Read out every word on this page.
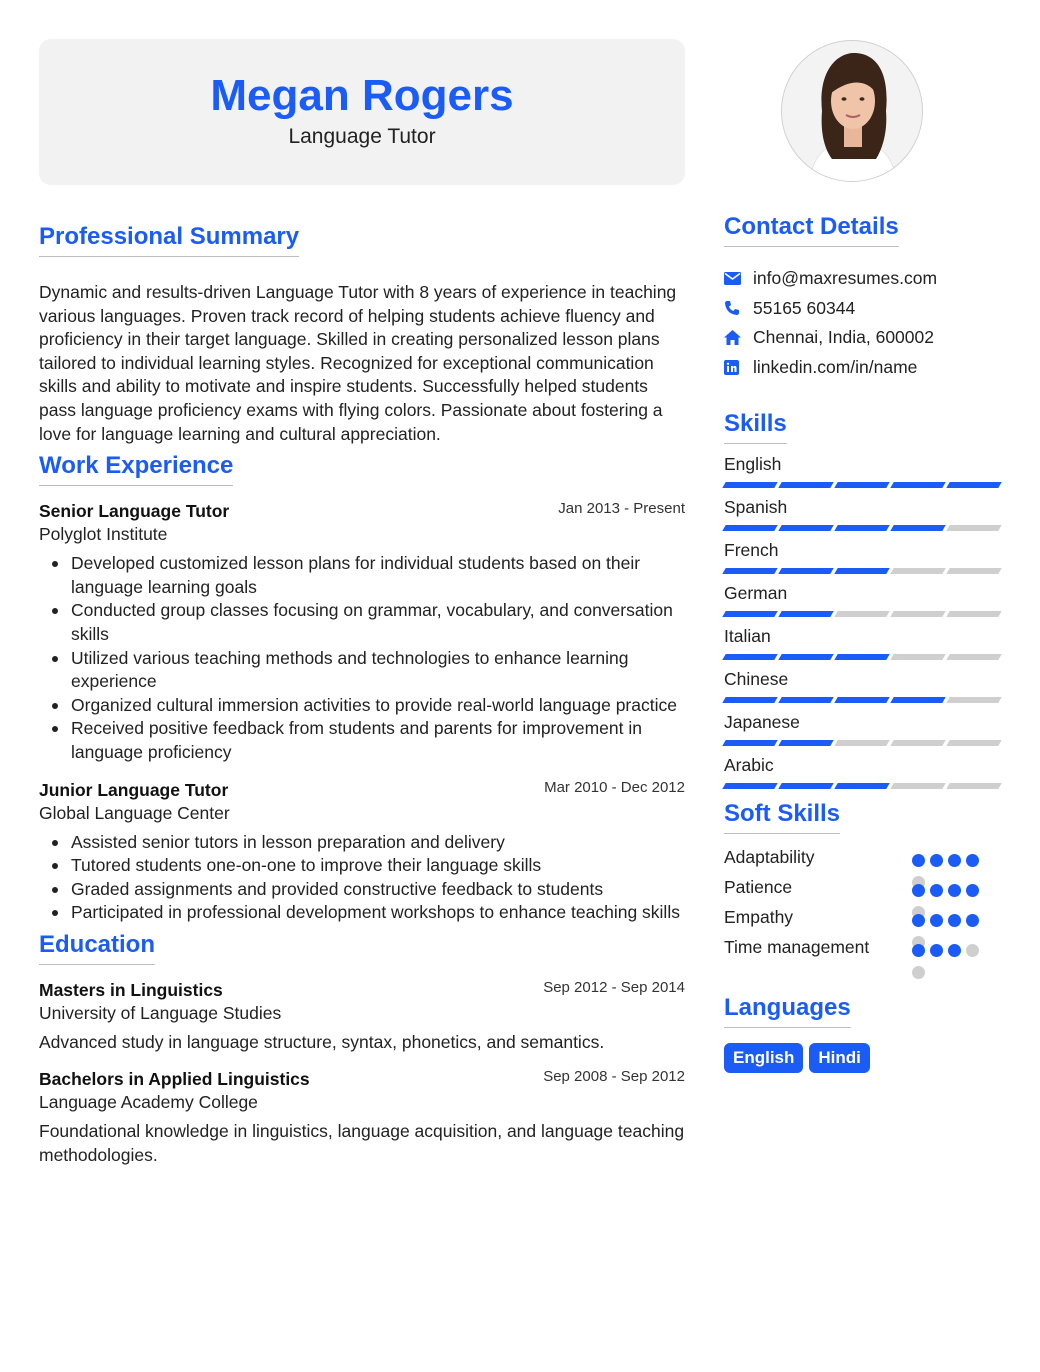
Megan Rogers
Language Tutor
Professional Summary

Dynamic and results-driven Language Tutor with 8 years of experience in teaching various languages. Proven track record of helping students achieve fluency and proficiency in their target language. Skilled in creating personalized lesson plans tailored to individual learning styles. Recognized for exceptional communication skills and ability to motivate and inspire students. Successfully helped students pass language proficiency exams with flying colors. Passionate about fostering a love for language learning and cultural appreciation.

Work Experience
Senior Language Tutor	Jan 2013 - Present
Polyglot Institute
Developed customized lesson plans for individual students based on their language learning goals
Conducted group classes focusing on grammar, vocabulary, and conversation skills
Utilized various teaching methods and technologies to enhance learning experience
Organized cultural immersion activities to provide real-world language practice
Received positive feedback from students and parents for improvement in language proficiency
Junior Language Tutor	Mar 2010 - Dec 2012
Global Language Center
Assisted senior tutors in lesson preparation and delivery
Tutored students one-on-one to improve their language skills
Graded assignments and provided constructive feedback to students
Participated in professional development workshops to enhance teaching skills
Education
Masters in Linguistics	Sep 2012 - Sep 2014
University of Language Studies

Advanced study in language structure, syntax, phonetics, and semantics.

Bachelors in Applied Linguistics	Sep 2008 - Sep 2012
Language Academy College

Foundational knowledge in linguistics, language acquisition, and language teaching methodologies.

Contact Details
info@maxresumes.com
55165 60344
Chennai, India, 600002
linkedin.com/in/name
Skills
English
Spanish
French
German
Italian
Chinese
Japanese
Arabic
Soft Skills
Adaptability
Patience
Empathy
Time management
Languages
English	Hindi
